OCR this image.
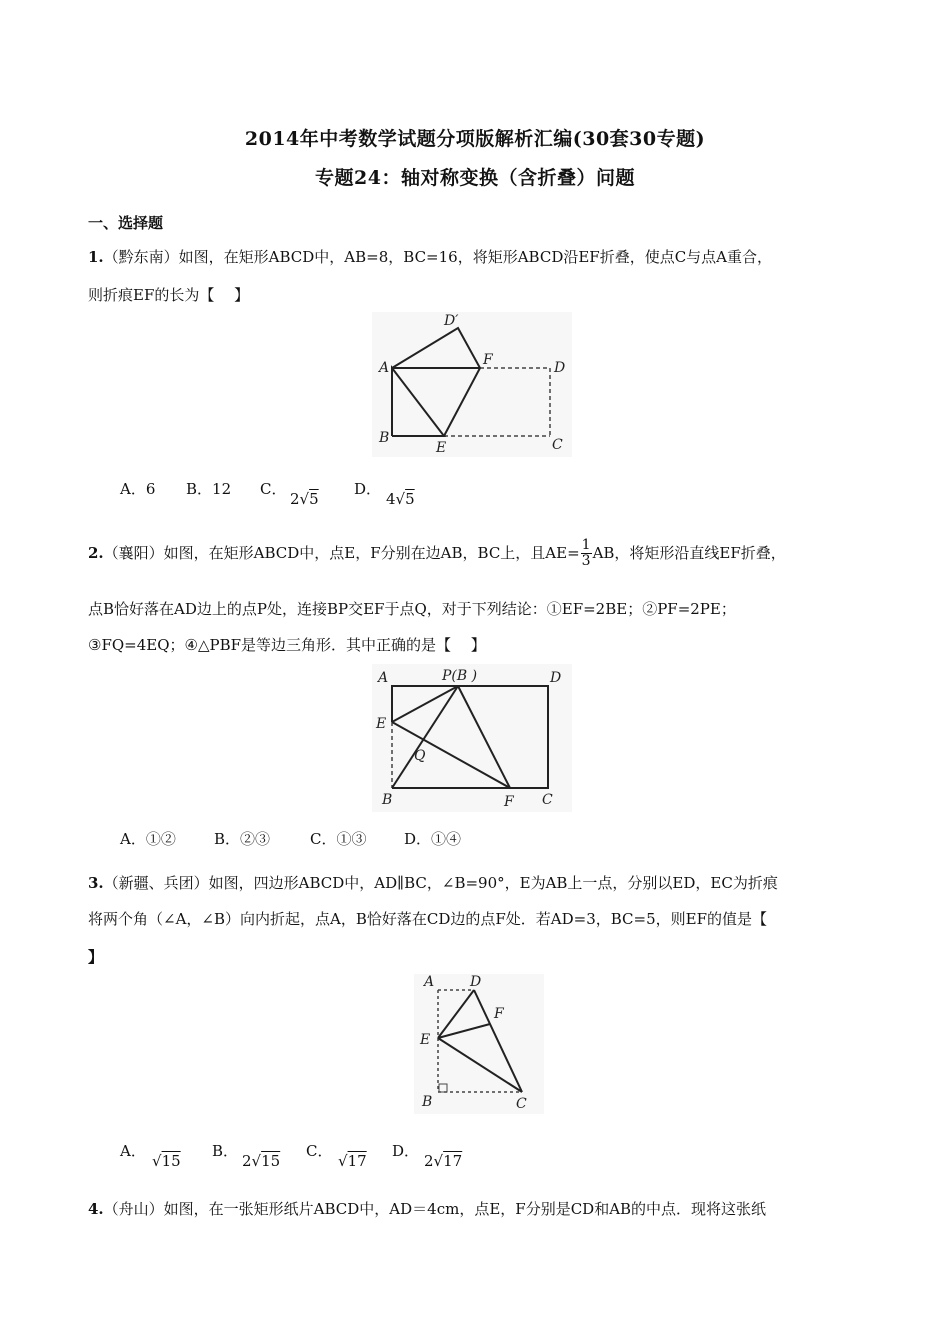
2014年中考数学试题分项版解析汇编(30套30专题)
专题24：轴对称变换（含折叠）问题
一、选择题
1.（黔东南）如图，在矩形ABCD中，AB=8，BC=16，将矩形ABCD沿EF折叠，使点C与点A重合，
则折痕EF的长为【　 】
D′
A	F	D
B
E	C
A．6 B．12 C．
2√5
D．
4√5
2.（襄阳）如图，在矩形ABCD中，点E，F分别在边AB，BC上，且$AE= \frac{1}{3}$ AB，将矩形沿直线EF折叠，
点B恰好落在AD边上的点P处，连接BP交EF于点Q，对于下列结论：①EF=2BE；②PF=2PE；
③FQ=4EQ；④△PBF是等边三角形．其中正确的是【　 】
A	P(B )	D
E
Q
B	F C
A．①②	B．②③	C．①③	D．①④
3.（新疆、兵团）如图，四边形ABCD中，AD∥BC，∠B=90°，E为AB上一点，分别以ED，EC为折痕
将两个角（∠A，∠B）向内折起，点A，B恰好落在CD边的点F处．若AD=3，BC=5，则EF的值是【
】
A	D
F
E
B	C
A．
√15
B．
2√15
C．
√17
D．
2√17
4.（舟山）如图，在一张矩形纸片ABCD中，AD＝4cm，点E，F分别是CD和AB的中点．现将这张纸
